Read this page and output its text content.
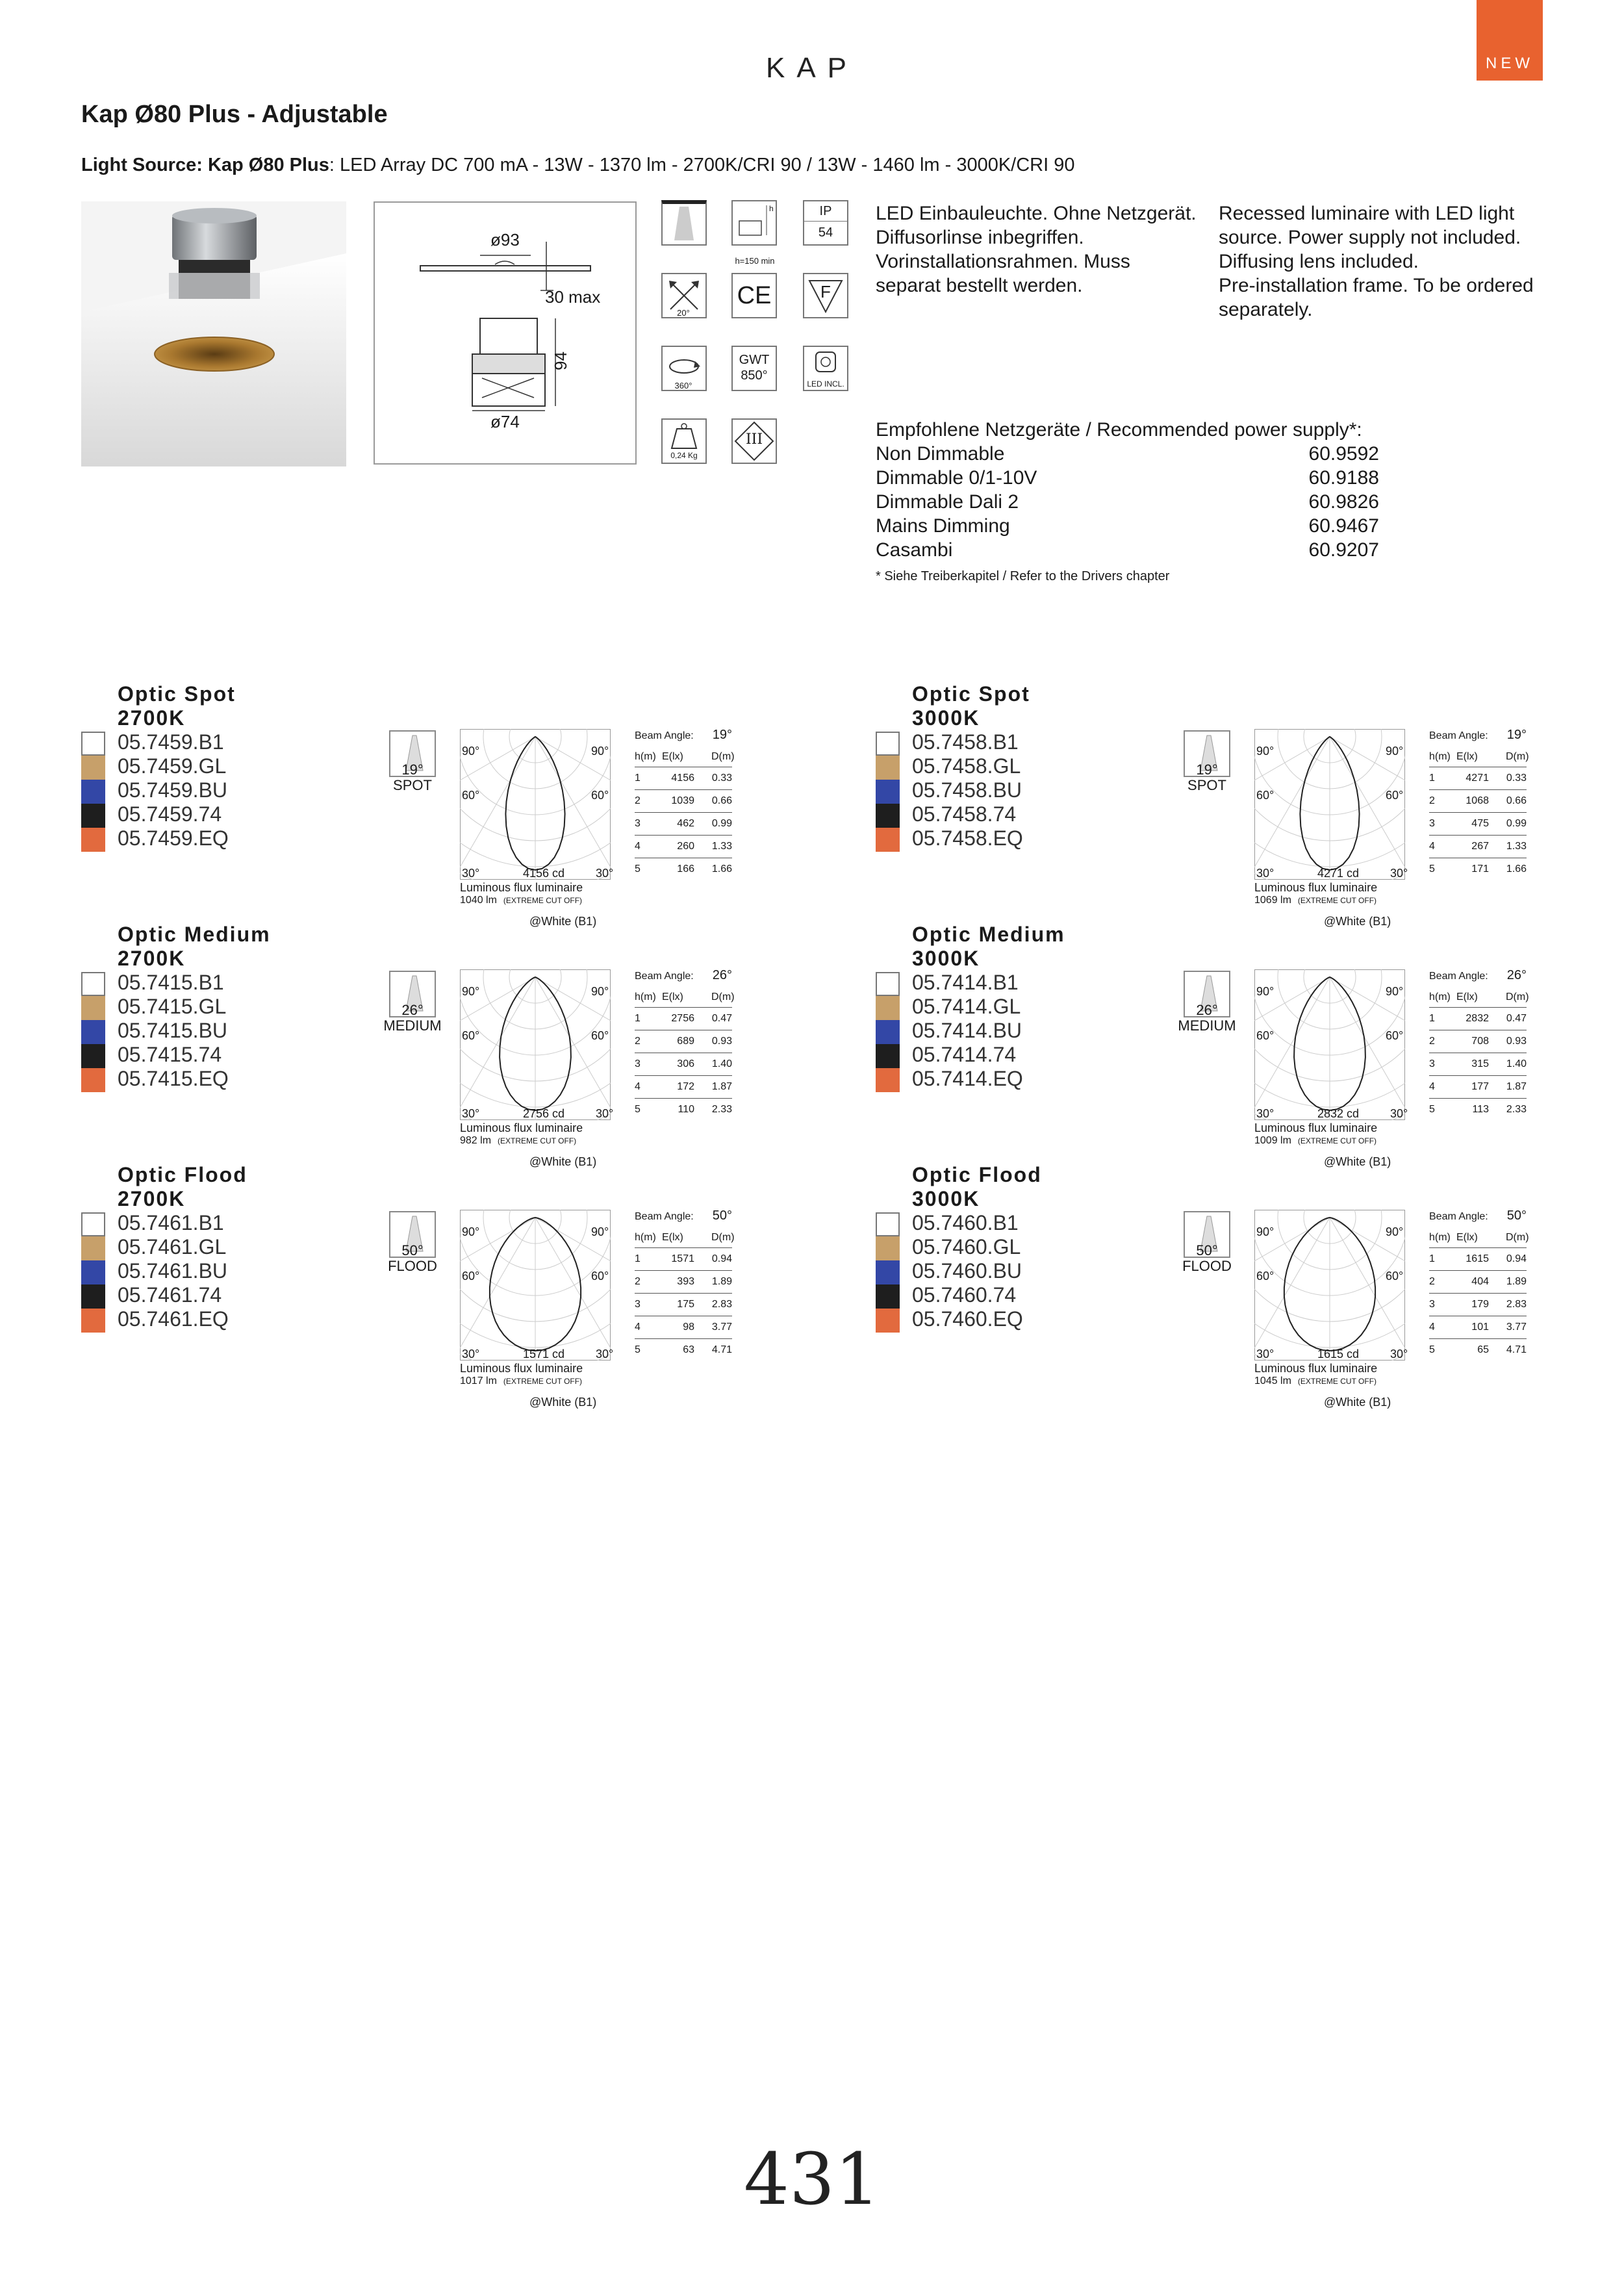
NEW
KAP
Kap Ø80 Plus - Adjustable
Light Source: Kap Ø80 Plus: LED Array DC 700 mA - 13W - 1370 lm - 2700K/CRI 90 / 13W - 1460 lm - 3000K/CRI 90
ø93
30 max
94
ø74
h
h=150 min
IP
54
20°
CE	F
360°
GWT
850°
LED INCL.
0,24 Kg
III
LED Einbauleuchte. Ohne Netzgerät.
Diffusorlinse inbegriffen.
Vorinstallationsrahmen. Muss
separat bestellt werden.
Recessed luminaire with LED light
source. Power supply not included.
Diffusing lens included.
Pre-installation frame. To be ordered
separately.
Empfohlene Netzgeräte / Recommended power supply*:
Non Dimmable	60.9592
Dimmable 0/1-10V	60.9188
Dimmable Dali 2	60.9826
Mains Dimming	60.9467
Casambi	60.9207
* Siehe Treiberkapitel / Refer to the Drivers chapter
Optic Spot
2700K
05.7459.B1
05.7459.GL
05.7459.BU
05.7459.74
05.7459.EQ
19°
SPOT
90°	90°
60°	60°
30°	30°
4156 cd
Luminous flux luminaire
1040 lm (EXTREME CUT OFF)
@White (B1)
Beam Angle: 19°
h(m) E(lx)	D(m)
1	4156 0.33
2	1039 0.66
3	462 0.99
4	260 1.33
5	166 1.66
Optic Spot
3000K
05.7458.B1
05.7458.GL
05.7458.BU
05.7458.74
05.7458.EQ
19°
SPOT
90°	90°
60°	60°
30°	30°
4271 cd
Luminous flux luminaire
1069 lm (EXTREME CUT OFF)
@White (B1)
Beam Angle: 19°
h(m) E(lx)	D(m)
1	4271 0.33
2	1068 0.66
3	475 0.99
4	267 1.33
5	171 1.66
Optic Medium
2700K
05.7415.B1
05.7415.GL
05.7415.BU
05.7415.74
05.7415.EQ
26°
MEDIUM
90°	90°
60°	60°
30°	30°
2756 cd
Luminous flux luminaire
982 lm (EXTREME CUT OFF)
@White (B1)
Beam Angle: 26°
h(m) E(lx)	D(m)
1	2756 0.47
2	689 0.93
3	306 1.40
4	172 1.87
5	110 2.33
Optic Medium
3000K
05.7414.B1
05.7414.GL
05.7414.BU
05.7414.74
05.7414.EQ
26°
MEDIUM
90°	90°
60°	60°
30°	30°
2832 cd
Luminous flux luminaire
1009 lm (EXTREME CUT OFF)
@White (B1)
Beam Angle: 26°
h(m) E(lx)	D(m)
1	2832 0.47
2	708 0.93
3	315 1.40
4	177 1.87
5	113 2.33
Optic Flood
2700K
05.7461.B1
05.7461.GL
05.7461.BU
05.7461.74
05.7461.EQ
50°
FLOOD
90°	90°
60°	60°
30°	30°
1571 cd
Luminous flux luminaire
1017 lm (EXTREME CUT OFF)
@White (B1)
Beam Angle: 50°
h(m) E(lx)	D(m)
1	1571 0.94
2	393 1.89
3	175 2.83
4	98 3.77
5	63 4.71
Optic Flood
3000K
05.7460.B1
05.7460.GL
05.7460.BU
05.7460.74
05.7460.EQ
50°
FLOOD
90°	90°
60°	60°
30°	30°
1615 cd
Luminous flux luminaire
1045 lm (EXTREME CUT OFF)
@White (B1)
Beam Angle: 50°
h(m) E(lx)	D(m)
1	1615 0.94
2	404 1.89
3	179 2.83
4	101 3.77
5	65 4.71
431
